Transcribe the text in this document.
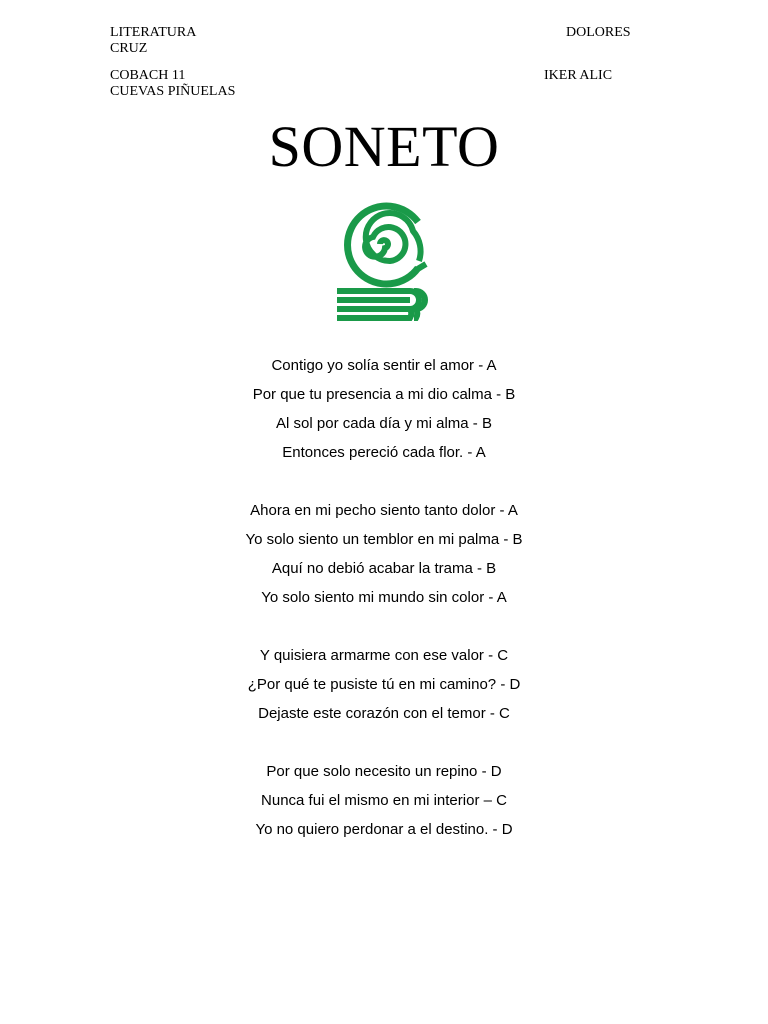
LITERATURA	DOLORES
CRUZ
COBACH 11	IKER ALIC
CUEVAS PIÑUELAS
SONETO
Contigo yo solía sentir el amor - A
Por que tu presencia a mi dio calma - B
Al sol por cada día y mi alma - B
Entonces pereció cada flor. - A
Ahora en mi pecho siento tanto dolor - A
Yo solo siento un temblor en mi palma - B
Aquí no debió acabar la trama - B
Yo solo siento mi mundo sin color - A
Y quisiera armarme con ese valor - C
¿Por qué te pusiste tú en mi camino? - D
Dejaste este corazón con el temor - C
Por que solo necesito un repino - D
Nunca fui el mismo en mi interior – C
Yo no quiero perdonar a el destino. - D
